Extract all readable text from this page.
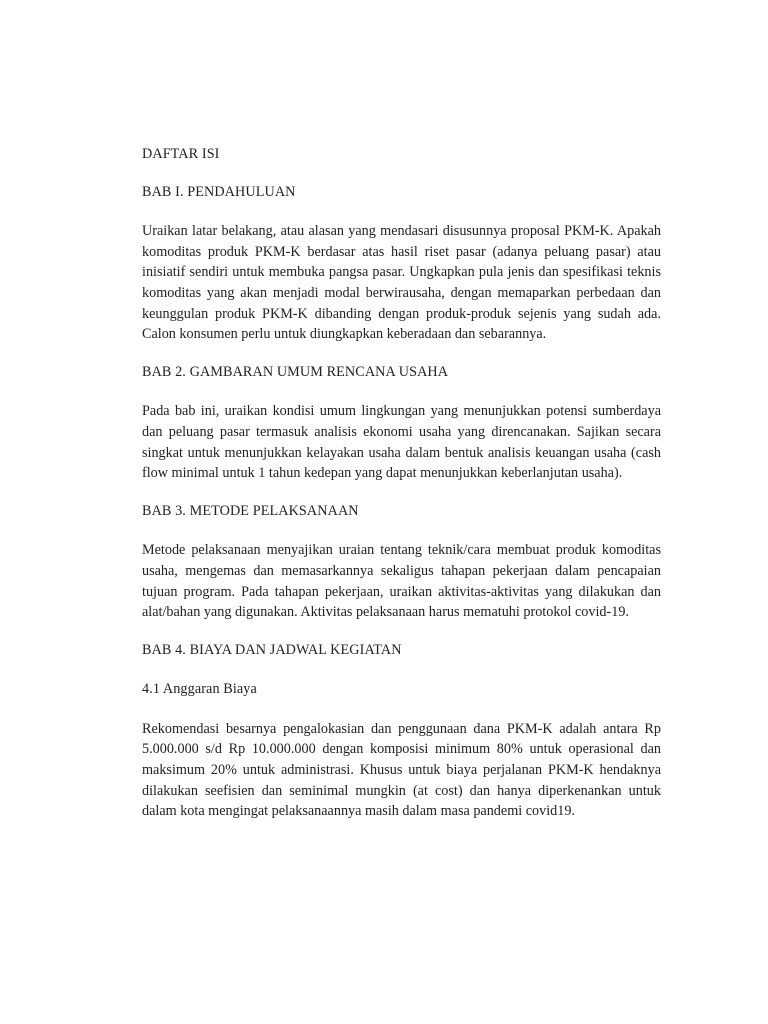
DAFTAR ISI
BAB I. PENDAHULUAN

Uraikan latar belakang, atau alasan yang mendasari disusunnya proposal PKM-K. Apakah komoditas produk PKM-K berdasar atas hasil riset pasar (adanya peluang pasar) atau inisiatif sendiri untuk membuka pangsa pasar. Ungkapkan pula jenis dan spesifikasi teknis komoditas yang akan menjadi modal berwirausaha, dengan memaparkan perbedaan dan keunggulan produk PKM-K dibanding dengan produk-produk sejenis yang sudah ada. Calon konsumen perlu untuk diungkapkan keberadaan dan sebarannya.

BAB 2. GAMBARAN UMUM RENCANA USAHA

Pada bab ini, uraikan kondisi umum lingkungan yang menunjukkan potensi sumberdaya dan peluang pasar termasuk analisis ekonomi usaha yang direncanakan. Sajikan secara singkat untuk menunjukkan kelayakan usaha dalam bentuk analisis keuangan usaha (cash flow minimal untuk 1 tahun kedepan yang dapat menunjukkan keberlanjutan usaha).

BAB 3. METODE PELAKSANAAN

Metode pelaksanaan menyajikan uraian tentang teknik/cara membuat produk komoditas usaha, mengemas dan memasarkannya sekaligus tahapan pekerjaan dalam pencapaian tujuan program. Pada tahapan pekerjaan, uraikan aktivitas-aktivitas yang dilakukan dan alat/bahan yang digunakan. Aktivitas pelaksanaan harus mematuhi protokol covid-19.

BAB 4. BIAYA DAN JADWAL KEGIATAN
4.1 Anggaran Biaya

Rekomendasi besarnya pengalokasian dan penggunaan dana PKM-K adalah antara Rp 5.000.000 s/d Rp 10.000.000 dengan komposisi minimum 80% untuk operasional dan maksimum 20% untuk administrasi. Khusus untuk biaya perjalanan PKM-K hendaknya dilakukan seefisien dan seminimal mungkin (at cost) dan hanya diperkenankan untuk dalam kota mengingat pelaksanaannya masih dalam masa pandemi covid19.
